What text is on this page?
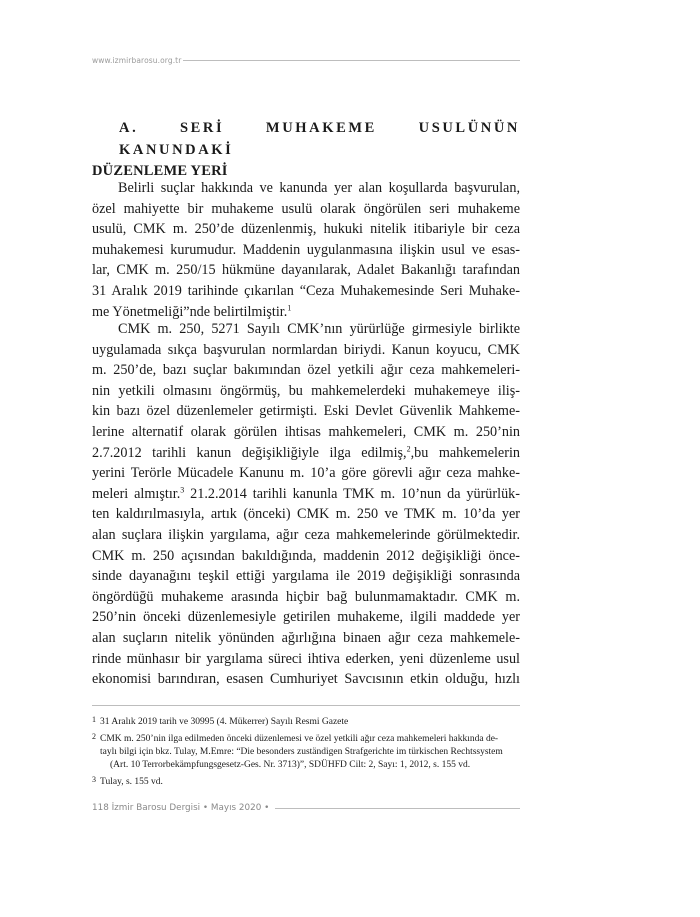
www.izmirbarosu.org.tr
A. SERİ MUHAKEME USULÜNÜN KANUNDAKİ
DÜZENLEME YERİ
Belirli suçlar hakkında ve kanunda yer alan koşullarda başvurulan,
özel mahiyette bir muhakeme usulü olarak öngörülen seri muhakeme
usulü, CMK m. 250’de düzenlenmiş, hukuki nitelik itibariyle bir ceza
muhakemesi kurumudur. Maddenin uygulanmasına ilişkin usul ve esas-
lar, CMK m. 250/15 hükmüne dayanılarak, Adalet Bakanlığı tarafından
31 Aralık 2019 tarihinde çıkarılan “Ceza Muhakemesinde Seri Muhake-
me Yönetmeliği”nde belirtilmiştir.$^1$
CMK m. 250, 5271 Sayılı CMK’nın yürürlüğe girmesiyle birlikte
uygulamada sıkça başvurulan normlardan biriydi. Kanun koyucu, CMK
m. 250’de, bazı suçlar bakımından özel yetkili ağır ceza mahkemeleri-
nin yetkili olmasını öngörmüş, bu mahkemelerdeki muhakemeye iliş-
kin bazı özel düzenlemeler getirmişti. Eski Devlet Güvenlik Mahkeme-
lerine alternatif olarak görülen ihtisas mahkemeleri, CMK m. 250’nin
2.7.2012 tarihli kanun değişikliğiyle ilga edilmiş,$^2$,bu mahkemelerin
yerini Terörle Mücadele Kanunu m. 10’a göre görevli ağır ceza mahke-
meleri almıştır.$^3$ 21.2.2014 tarihli kanunla TMK m. 10’nun da yürürlük-
ten kaldırılmasıyla, artık (önceki) CMK m. 250 ve TMK m. 10’da yer
alan suçlara ilişkin yargılama, ağır ceza mahkemelerinde görülmektedir.
CMK m. 250 açısından bakıldığında, maddenin 2012 değişikliği önce-
sinde dayanağını teşkil ettiği yargılama ile 2019 değişikliği sonrasında
öngördüğü muhakeme arasında hiçbir bağ bulunmamaktadır. CMK m.
250’nin önceki düzenlemesiyle getirilen muhakeme, ilgili maddede yer
alan suçların nitelik yönünden ağırlığına binaen ağır ceza mahkemele-
rinde münhasır bir yargılama süreci ihtiva ederken, yeni düzenleme usul
ekonomisi barındıran, esasen Cumhuriyet Savcısının etkin olduğu, hızlı
1 31 Aralık 2019 tarih ve 30995 (4. Mükerrer) Sayılı Resmi Gazete
2 CMK m. 250’nin ilga edilmeden önceki düzenlemesi ve özel yetkili ağır ceza mahkemeleri hakkında de-
taylı bilgi için bkz. Tulay, M.Emre: “Die besonders zuständigen Strafgerichte im türkischen Rechtssystem
(Art. 10 Terrorbekämpfungsgesetz-Ges. Nr. 3713)”, SDÜHFD Cilt: 2, Sayı: 1, 2012, s. 155 vd.
3 Tulay, s. 155 vd.
118 İzmir Barosu Dergisi • Mayıs 2020 •
